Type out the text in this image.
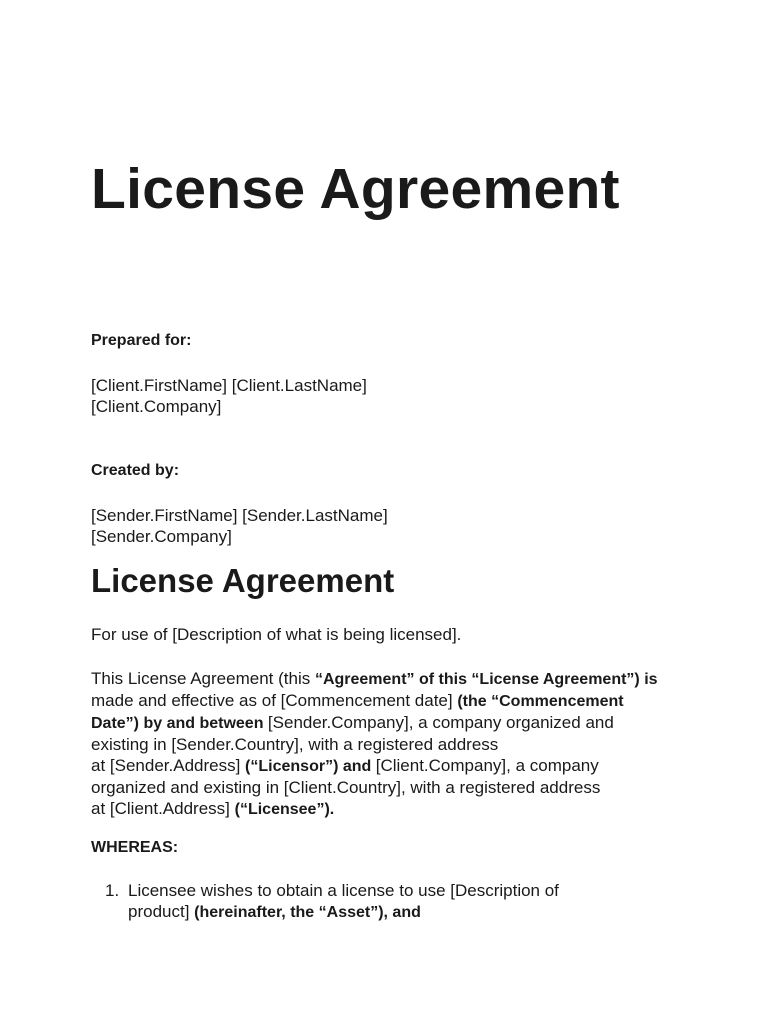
License Agreement

Prepared for:

[Client.FirstName] [Client.LastName]
[Client.Company]

Created by:

[Sender.FirstName] [Sender.LastName]
[Sender.Company]

License Agreement

For use of [Description of what is being licensed].

This License Agreement (this “Agreement” of this “License Agreement”) is
made and effective as of [Commencement date] (the “Commencement
Date”) by and between [Sender.Company], a company organized and
existing in [Sender.Country], with a registered address
at [Sender.Address] (“Licensor”) and [Client.Company], a company
organized and existing in [Client.Country], with a registered address
at [Client.Address] (“Licensee”).

WHEREAS:

1. Licensee wishes to obtain a license to use [Description of
product] (hereinafter, the “Asset”), and
